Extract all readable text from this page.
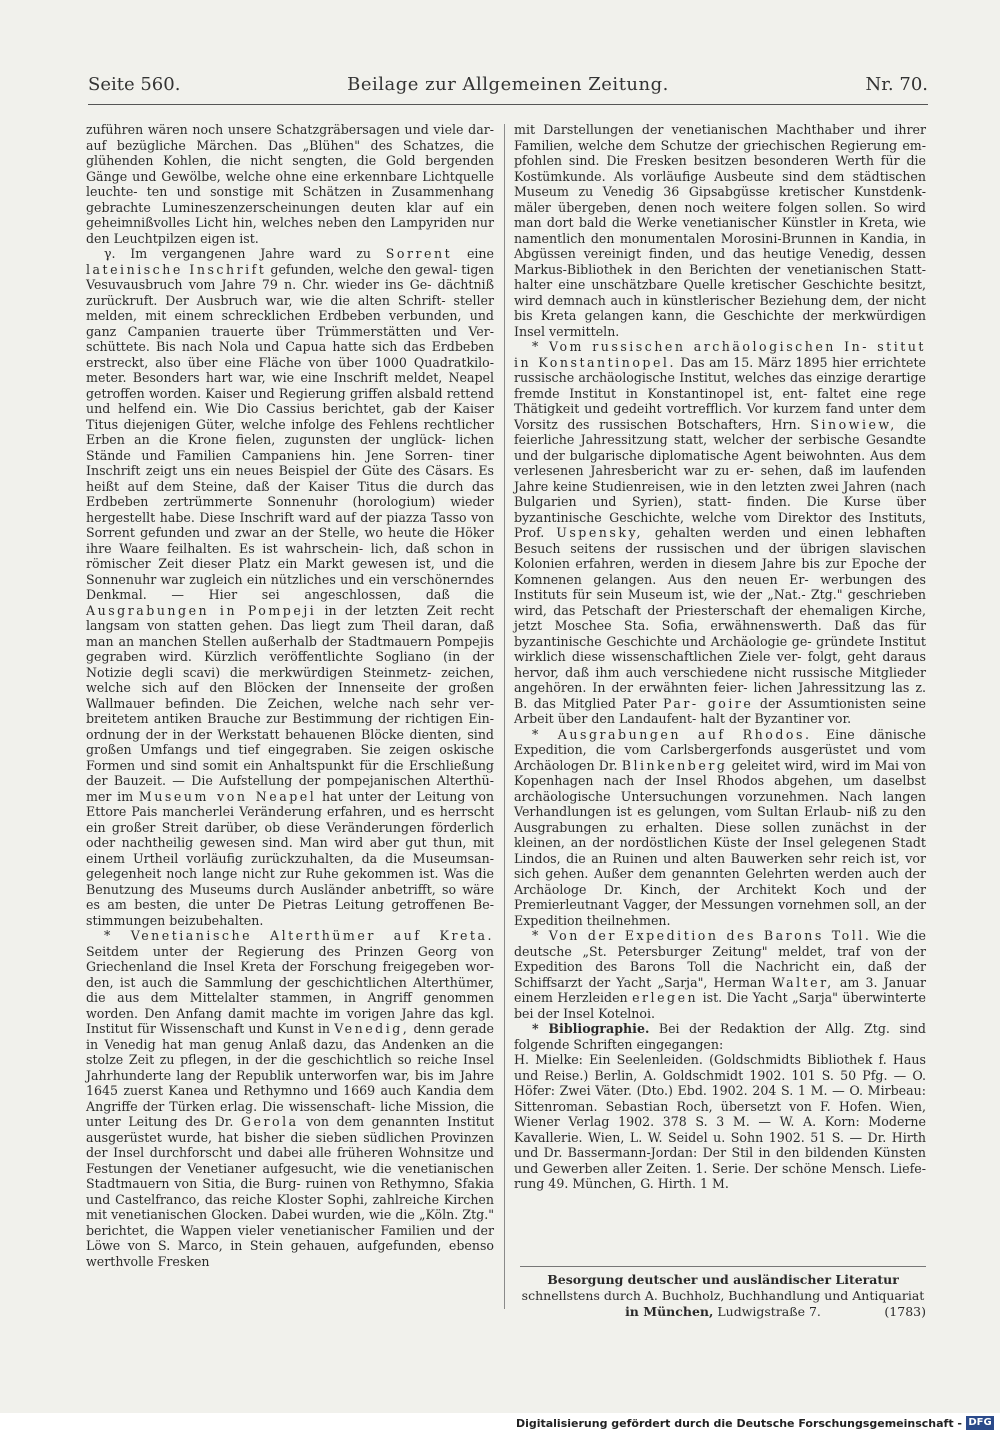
Seite 560.	Beilage zur Allgemeinen Zeitung.	Nr. 70.

zuführen wären noch unsere Schatzgräbersagen und viele dar- auf bezügliche Märchen. Das „Blühen" des Schatzes, die glühenden Kohlen, die nicht sengten, die Gold bergenden Gänge und Gewölbe, welche ohne eine erkennbare Lichtquelle leuchte- ten und sonstige mit Schätzen in Zusammenhang gebrachte Lumineszenzerscheinungen deuten klar auf ein geheimnißvolles Licht hin, welches neben den Lampyriden nur den Leuchtpilzen eigen ist.

γ. Im vergangenen Jahre ward zu Sorrent eine lateinische Inschrift gefunden, welche den gewal- tigen Vesuvausbruch vom Jahre 79 n. Chr. wieder ins Ge- dächtniß zurückruft. Der Ausbruch war, wie die alten Schrift- steller melden, mit einem schrecklichen Erdbeben verbunden, und ganz Campanien trauerte über Trümmerstätten und Ver- schüttete. Bis nach Nola und Capua hatte sich das Erdbeben erstreckt, also über eine Fläche von über 1000 Quadratkilo- meter. Besonders hart war, wie eine Inschrift meldet, Neapel getroffen worden. Kaiser und Regierung griffen alsbald rettend und helfend ein. Wie Dio Cassius berichtet, gab der Kaiser Titus diejenigen Güter, welche infolge des Fehlens rechtlicher Erben an die Krone fielen, zugunsten der unglück- lichen Stände und Familien Campaniens hin. Jene Sorren- tiner Inschrift zeigt uns ein neues Beispiel der Güte des Cäsars. Es heißt auf dem Steine, daß der Kaiser Titus die durch das Erdbeben zertrümmerte Sonnenuhr (horologium) wieder hergestellt habe. Diese Inschrift ward auf der piazza Tasso von Sorrent gefunden und zwar an der Stelle, wo heute die Höker ihre Waare feilhalten. Es ist wahrschein- lich, daß schon in römischer Zeit dieser Platz ein Markt gewesen ist, und die Sonnenuhr war zugleich ein nützliches und ein verschönerndes Denkmal. — Hier sei angeschlossen, daß die Ausgrabungen in Pompeji in der letzten Zeit recht langsam von statten gehen. Das liegt zum Theil daran, daß man an manchen Stellen außerhalb der Stadtmauern Pompejis gegraben wird. Kürzlich veröffentlichte Sogliano (in der Notizie degli scavi) die merkwürdigen Steinmetz- zeichen, welche sich auf den Blöcken der Innenseite der großen Wallmauer befinden. Die Zeichen, welche nach sehr ver- breitetem antiken Brauche zur Bestimmung der richtigen Ein- ordnung der in der Werkstatt behauenen Blöcke dienten, sind großen Umfangs und tief eingegraben. Sie zeigen oskische Formen und sind somit ein Anhaltspunkt für die Erschließung der Bauzeit. — Die Aufstellung der pompejanischen Alterthü- mer im Museum von Neapel hat unter der Leitung von Ettore Pais mancherlei Veränderung erfahren, und es herrscht ein großer Streit darüber, ob diese Veränderungen förderlich oder nachtheilig gewesen sind. Man wird aber gut thun, mit einem Urtheil vorläufig zurückzuhalten, da die Museumsan- gelegenheit noch lange nicht zur Ruhe gekommen ist. Was die Benutzung des Museums durch Ausländer anbetrifft, so wäre es am besten, die unter De Pietras Leitung getroffenen Be- stimmungen beizubehalten.

* Venetianische Alterthümer auf Kreta. Seitdem unter der Regierung des Prinzen Georg von Griechenland die Insel Kreta der Forschung freigegeben wor- den, ist auch die Sammlung der geschichtlichen Alterthümer, die aus dem Mittelalter stammen, in Angriff genommen worden. Den Anfang damit machte im vorigen Jahre das kgl. Institut für Wissenschaft und Kunst in Venedig, denn gerade in Venedig hat man genug Anlaß dazu, das Andenken an die stolze Zeit zu pflegen, in der die geschichtlich so reiche Insel Jahrhunderte lang der Republik unterworfen war, bis im Jahre 1645 zuerst Kanea und Rethymno und 1669 auch Kandia dem Angriffe der Türken erlag. Die wissenschaft- liche Mission, die unter Leitung des Dr. Gerola von dem genannten Institut ausgerüstet wurde, hat bisher die sieben südlichen Provinzen der Insel durchforscht und dabei alle früheren Wohnsitze und Festungen der Venetianer aufgesucht, wie die venetianischen Stadtmauern von Sitia, die Burg- ruinen von Rethymno, Sfakia und Castelfranco, das reiche Kloster Sophi, zahlreiche Kirchen mit venetianischen Glocken. Dabei wurden, wie die „Köln. Ztg." berichtet, die Wappen vieler venetianischer Familien und der Löwe von S. Marco, in Stein gehauen, aufgefunden, ebenso werthvolle Fresken

mit Darstellungen der venetianischen Machthaber und ihrer Familien, welche dem Schutze der griechischen Regierung em- pfohlen sind. Die Fresken besitzen besonderen Werth für die Kostümkunde. Als vorläufige Ausbeute sind dem städtischen Museum zu Venedig 36 Gipsabgüsse kretischer Kunstdenk- mäler übergeben, denen noch weitere folgen sollen. So wird man dort bald die Werke venetianischer Künstler in Kreta, wie namentlich den monumentalen Morosini-Brunnen in Kandia, in Abgüssen vereinigt finden, und das heutige Venedig, dessen Markus-Bibliothek in den Berichten der venetianischen Statt- halter eine unschätzbare Quelle kretischer Geschichte besitzt, wird demnach auch in künstlerischer Beziehung dem, der nicht bis Kreta gelangen kann, die Geschichte der merkwürdigen Insel vermitteln.

* Vom russischen archäologischen In- stitut in Konstantinopel. Das am 15. März 1895 hier errichtete russische archäologische Institut, welches das einzige derartige fremde Institut in Konstantinopel ist, ent- faltet eine rege Thätigkeit und gedeiht vortrefflich. Vor kurzem fand unter dem Vorsitz des russischen Botschafters, Hrn. Sinowiew, die feierliche Jahressitzung statt, welcher der serbische Gesandte und der bulgarische diplomatische Agent beiwohnten. Aus dem verlesenen Jahresbericht war zu er- sehen, daß im laufenden Jahre keine Studienreisen, wie in den letzten zwei Jahren (nach Bulgarien und Syrien), statt- finden. Die Kurse über byzantinische Geschichte, welche vom Direktor des Instituts, Prof. Uspensky, gehalten werden und einen lebhaften Besuch seitens der russischen und der übrigen slavischen Kolonien erfahren, werden in diesem Jahre bis zur Epoche der Komnenen gelangen. Aus den neuen Er- werbungen des Instituts für sein Museum ist, wie der „Nat.- Ztg." geschrieben wird, das Petschaft der Priesterschaft der ehemaligen Kirche, jetzt Moschee Sta. Sofia, erwähnenswerth. Daß das für byzantinische Geschichte und Archäologie ge- gründete Institut wirklich diese wissenschaftlichen Ziele ver- folgt, geht daraus hervor, daß ihm auch verschiedene nicht russische Mitglieder angehören. In der erwähnten feier- lichen Jahressitzung las z. B. das Mitglied Pater Par- goire der Assumtionisten seine Arbeit über den Landaufent- halt der Byzantiner vor.

* Ausgrabungen auf Rhodos. Eine dänische Expedition, die vom Carlsbergerfonds ausgerüstet und vom Archäologen Dr. Blinkenberg geleitet wird, wird im Mai von Kopenhagen nach der Insel Rhodos abgehen, um daselbst archäologische Untersuchungen vorzunehmen. Nach langen Verhandlungen ist es gelungen, vom Sultan Erlaub- niß zu den Ausgrabungen zu erhalten. Diese sollen zunächst in der kleinen, an der nordöstlichen Küste der Insel gelegenen Stadt Lindos, die an Ruinen und alten Bauwerken sehr reich ist, vor sich gehen. Außer dem genannten Gelehrten werden auch der Archäologe Dr. Kinch, der Architekt Koch und der Premierleutnant Vagger, der Messungen vornehmen soll, an der Expedition theilnehmen.

* Von der Expedition des Barons Toll. Wie die deutsche „St. Petersburger Zeitung" meldet, traf von der Expedition des Barons Toll die Nachricht ein, daß der Schiffsarzt der Yacht „Sarja", Herman Walter, am 3. Januar einem Herzleiden erlegen ist. Die Yacht „Sarja" überwinterte bei der Insel Kotelnoi.

* Bibliographie. Bei der Redaktion der Allg. Ztg. sind folgende Schriften eingegangen:

H. Mielke: Ein Seelenleiden. (Goldschmidts Bibliothek f. Haus und Reise.) Berlin, A. Goldschmidt 1902. 101 S. 50 Pfg. — O. Höfer: Zwei Väter. (Dto.) Ebd. 1902. 204 S. 1 M. — O. Mirbeau: Sittenroman. Sebastian Roch, übersetzt von F. Hofen. Wien, Wiener Verlag 1902. 378 S. 3 M. — W. A. Korn: Moderne Kavallerie. Wien, L. W. Seidel u. Sohn 1902. 51 S. — Dr. Hirth und Dr. Bassermann-Jordan: Der Stil in den bildenden Künsten und Gewerben aller Zeiten. 1. Serie. Der schöne Mensch. Liefe- rung 49. München, G. Hirth. 1 M.

Besorgung deutscher und ausländischer Literatur
schnellstens durch A. Buchholz, Buchhandlung und Antiquariat
in München, Ludwigstraße 7.	(1783)
Digitalisierung gefördert durch die Deutsche Forschungsgemeinschaft - DFG
